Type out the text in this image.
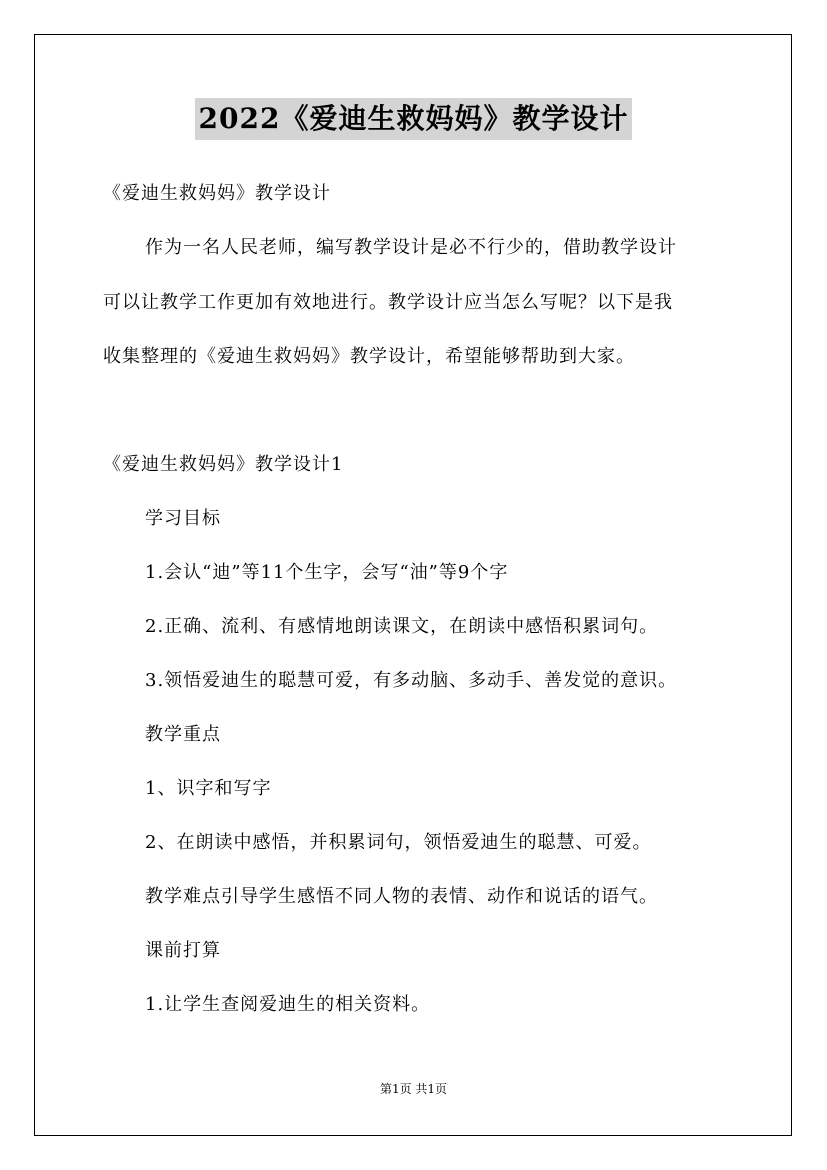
2022《爱迪生救妈妈》教学设计
《爱迪生救妈妈》教学设计
作为一名人民老师，编写教学设计是必不行少的，借助教学设计
可以让教学工作更加有效地进行。教学设计应当怎么写呢？以下是我
收集整理的《爱迪生救妈妈》教学设计，希望能够帮助到大家。
《爱迪生救妈妈》教学设计1
学习目标
1.会认“迪”等11个生字，会写“油”等9个字
2.正确、流利、有感情地朗读课文，在朗读中感悟积累词句。
3.领悟爱迪生的聪慧可爱，有多动脑、多动手、善发觉的意识。
教学重点
1、识字和写字
2、在朗读中感悟，并积累词句，领悟爱迪生的聪慧、可爱。
教学难点引导学生感悟不同人物的表情、动作和说话的语气。
课前打算
1.让学生查阅爱迪生的相关资料。
第1页 共1页
